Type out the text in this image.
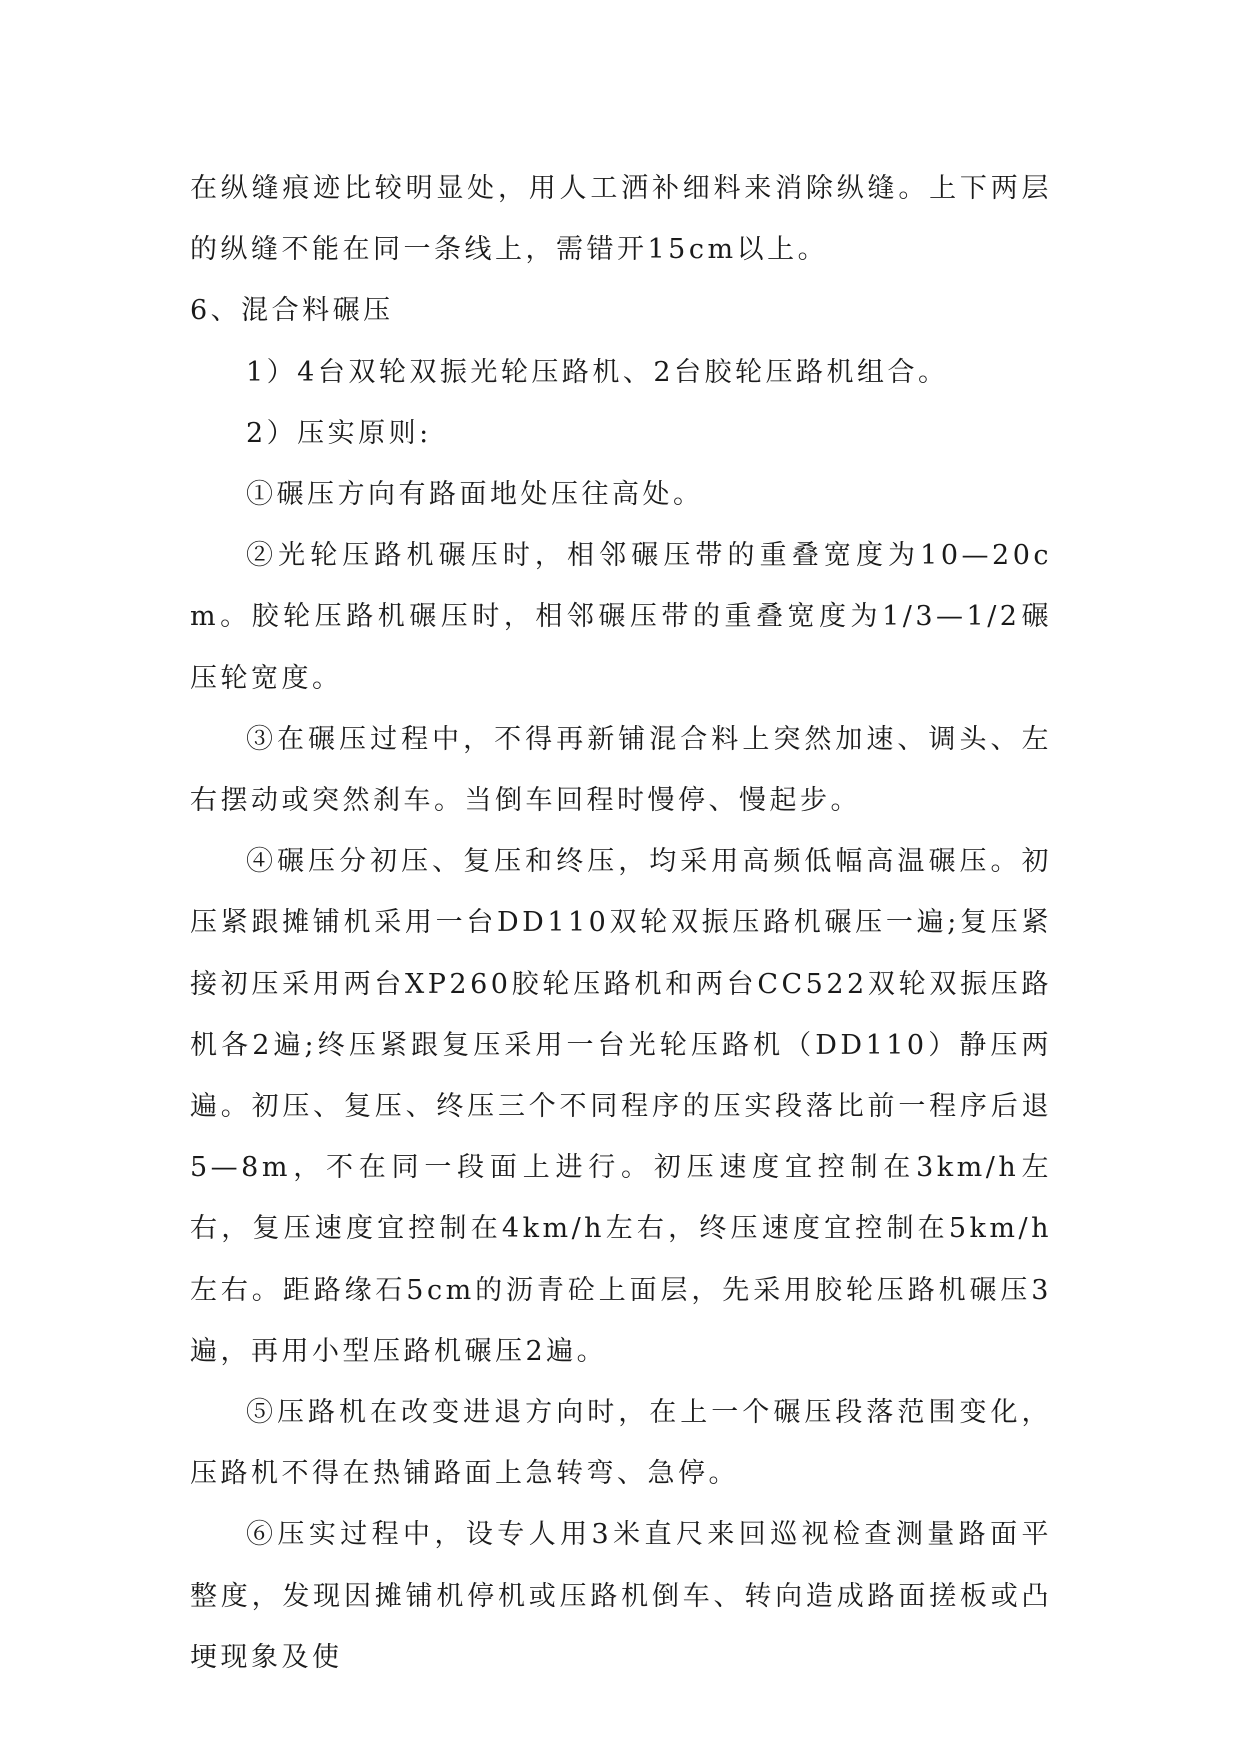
在纵缝痕迹比较明显处，用人工洒补细料来消除纵缝。上下两层的纵缝不能在同一条线上，需错开15cm以上。

6、混合料碾压

1）4台双轮双振光轮压路机、2台胶轮压路机组合。

2）压实原则:

①碾压方向有路面地处压往高处。

②光轮压路机碾压时，相邻碾压带的重叠宽度为10—20cm。胶轮压路机碾压时，相邻碾压带的重叠宽度为1/3—1/2碾压轮宽度。

③在碾压过程中，不得再新铺混合料上突然加速、调头、左右摆动或突然刹车。当倒车回程时慢停、慢起步。

④碾压分初压、复压和终压，均采用高频低幅高温碾压。初压紧跟摊铺机采用一台DD110双轮双振压路机碾压一遍;复压紧接初压采用两台XP260胶轮压路机和两台CC522双轮双振压路机各2遍;终压紧跟复压采用一台光轮压路机（DD110）静压两遍。初压、复压、终压三个不同程序的压实段落比前一程序后退5—8m，不在同一段面上进行。初压速度宜控制在3km/h左右，复压速度宜控制在4km/h左右，终压速度宜控制在5km/h左右。距路缘石5cm的沥青砼上面层，先采用胶轮压路机碾压3遍，再用小型压路机碾压2遍。

⑤压路机在改变进退方向时，在上一个碾压段落范围变化，压路机不得在热铺路面上急转弯、急停。

⑥压实过程中，设专人用3米直尺来回巡视检查测量路面平整度，发现因摊铺机停机或压路机倒车、转向造成路面搓板或凸埂现象及使
